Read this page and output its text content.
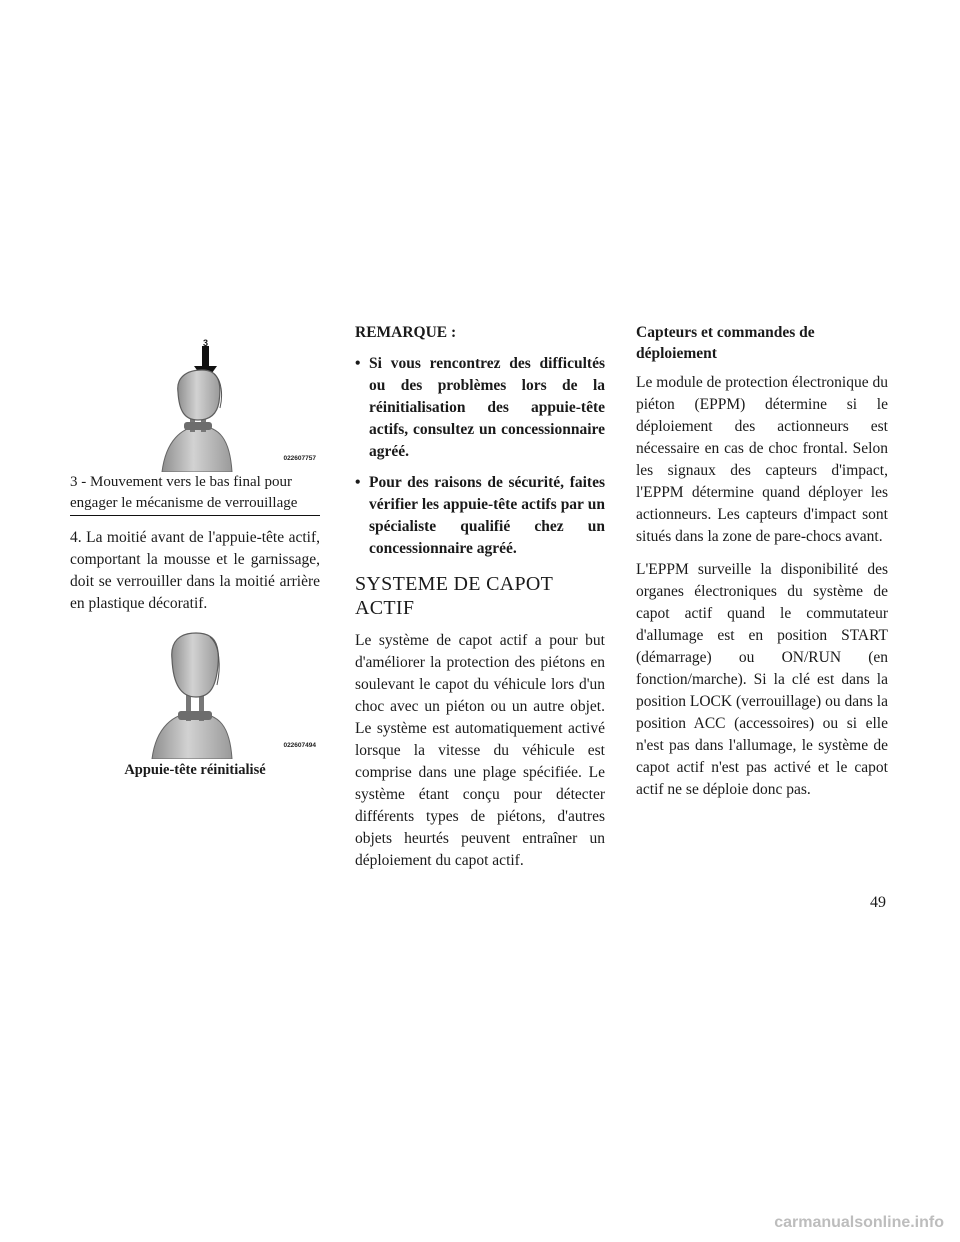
3
022607757

3 - Mouvement vers le bas final pour engager le mécanisme de verrouillage

4. La moitié avant de l'appuie-tête actif, comportant la mousse et le garnissage, doit se verrouiller dans la moitié arrière en plastique décoratif.

022607494

Appuie-tête réinitialisé

REMARQUE :

• Si vous rencontrez des difficultés ou des problèmes lors de la réinitialisation des appuie-tête actifs, consultez un concessionnaire agréé.
• Pour des raisons de sécurité, faites vérifier les appuie-tête actifs par un spécialiste qualifié chez un concessionnaire agréé.
SYSTEME DE CAPOT ACTIF

Le système de capot actif a pour but d'améliorer la protection des piétons en soulevant le capot du véhicule lors d'un choc avec un piéton ou un autre objet. Le système est automatiquement activé lorsque la vitesse du véhicule est comprise dans une plage spécifiée. Le système étant conçu pour détecter différents types de piétons, d'autres objets heurtés peuvent entraîner un déploiement du capot actif.

Capteurs et commandes de déploiement

Le module de protection électronique du piéton (EPPM) détermine si le déploiement des actionneurs est nécessaire en cas de choc frontal. Selon les signaux des capteurs d'impact, l'EPPM détermine quand déployer les actionneurs. Les capteurs d'impact sont situés dans la zone de pare-chocs avant.

L'EPPM surveille la disponibilité des organes électroniques du système de capot actif quand le commutateur d'allumage est en position START (démarrage) ou ON/RUN (en fonction/marche). Si la clé est dans la position LOCK (verrouillage) ou dans la position ACC (accessoires) ou si elle n'est pas dans l'allumage, le système de capot actif n'est pas activé et le capot actif ne se déploie donc pas.

49
carmanualsonline.info
